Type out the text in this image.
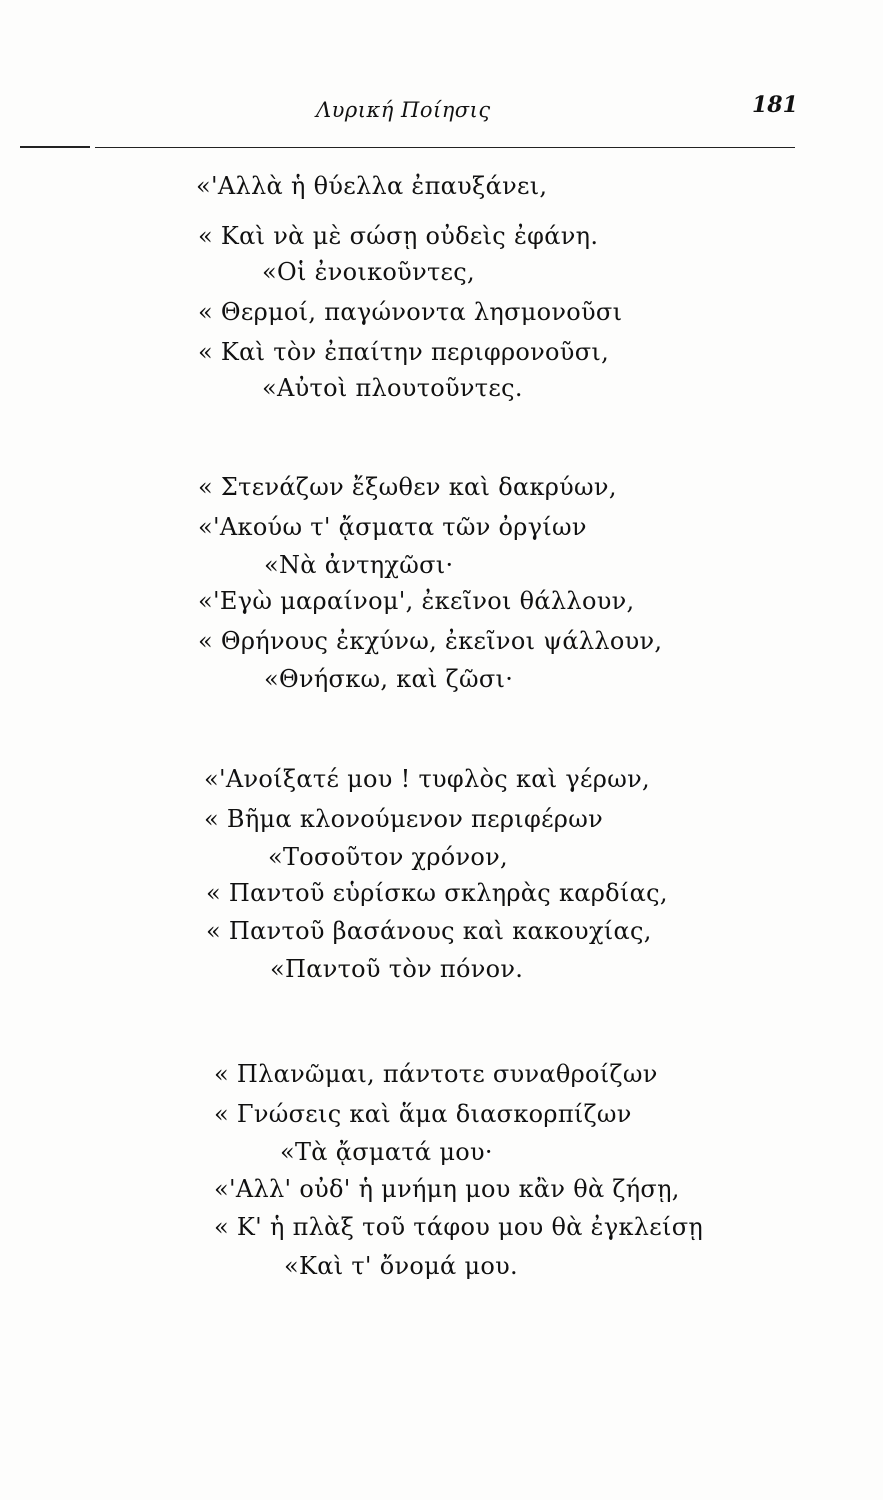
Λυρική Ποίησις	181
«'Αλλὰ ἡ θύελλα ἐπαυξάνει,
« Καὶ νὰ μὲ σώσῃ οὐδεὶς ἐφάνη.
«Οἱ ἐνοικοῦντες,
« Θερμοί, παγώνοντα λησμονοῦσι
« Καὶ τὸν ἐπαίτην περιφρονοῦσι,
«Αὐτοὶ πλουτοῦντες.
« Στενάζων ἔξωθεν καὶ δακρύων,
«'Ακούω τ' ᾄσματα τῶν ὀργίων
«Νὰ ἀντηχῶσι·
«'Εγὼ μαραίνομ', ἐκεῖνοι θάλλουν,
« Θρήνους ἐκχύνω, ἐκεῖνοι ψάλλουν,
«Θνήσκω, καὶ ζῶσι·
«'Ανοίξατέ μου ! τυφλὸς καὶ γέρων,
« Βῆμα κλονούμενον περιφέρων
«Τοσοῦτον χρόνον,
« Παντοῦ εὑρίσκω σκληρὰς καρδίας,
« Παντοῦ βασάνους καὶ κακουχίας,
«Παντοῦ τὸν πόνον.
« Πλανῶμαι, πάντοτε συναθροίζων
« Γνώσεις καὶ ἅμα διασκορπίζων
«Τὰ ᾄσματά μου·
«'Αλλ' οὐδ' ἡ μνήμη μου κἂν θὰ ζήσῃ,
« Κ' ἡ πλὰξ τοῦ τάφου μου θὰ ἐγκλείσῃ
«Καὶ τ' ὄνομά μου.
